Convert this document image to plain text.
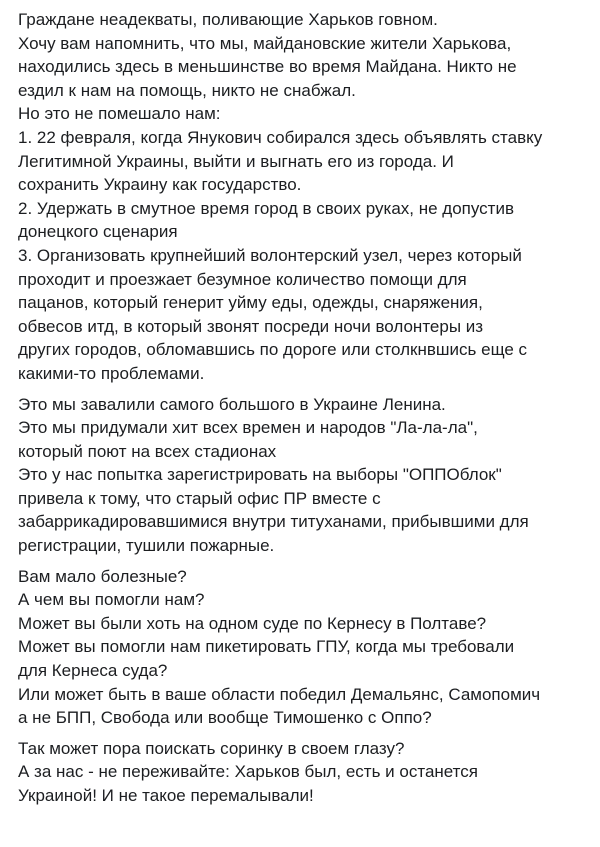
Граждане неадекваты, поливающие Харьков говном.
Хочу вам напомнить, что мы, майдановские жители Харькова,
находились здесь в меньшинстве во время Майдана. Никто не
ездил к нам на помощь, никто не снабжал.
Но это не помешало нам:
1. 22 февраля, когда Янукович собирался здесь объявлять ставку
Легитимной Украины, выйти и выгнать его из города. И
сохранить Украину как государство.
2. Удержать в смутное время город в своих руках, не допустив
донецкого сценария
3. Организовать крупнейший волонтерский узел, через который
проходит и проезжает безумное количество помощи для
пацанов, который генерит уйму еды, одежды, снаряжения,
обвесов итд, в который звонят посреди ночи волонтеры из
других городов, обломавшись по дороге или столкнвшись еще с
какими-то проблемами.
Это мы завалили самого большого в Украине Ленина.
Это мы придумали хит всех времен и народов "Ла-ла-ла",
который поют на всех стадионах
Это у нас попытка зарегистрировать на выборы "ОППОблок"
привела к тому, что старый офис ПР вместе с
забаррикадировавшимися внутри титуханами, прибывшими для
регистрации, тушили пожарные.
Вам мало болезные?
А чем вы помогли нам?
Может вы были хоть на одном суде по Кернесу в Полтаве?
Может вы помогли нам пикетировать ГПУ, когда мы требовали
для Кернеса суда?
Или может быть в ваше области победил Демальянс, Самопомич
а не БПП, Свобода или вообще Тимошенко с Оппо?
Так может пора поискать соринку в своем глазу?
А за нас - не переживайте: Харьков был, есть и останется
Украиной! И не такое перемалывали!
